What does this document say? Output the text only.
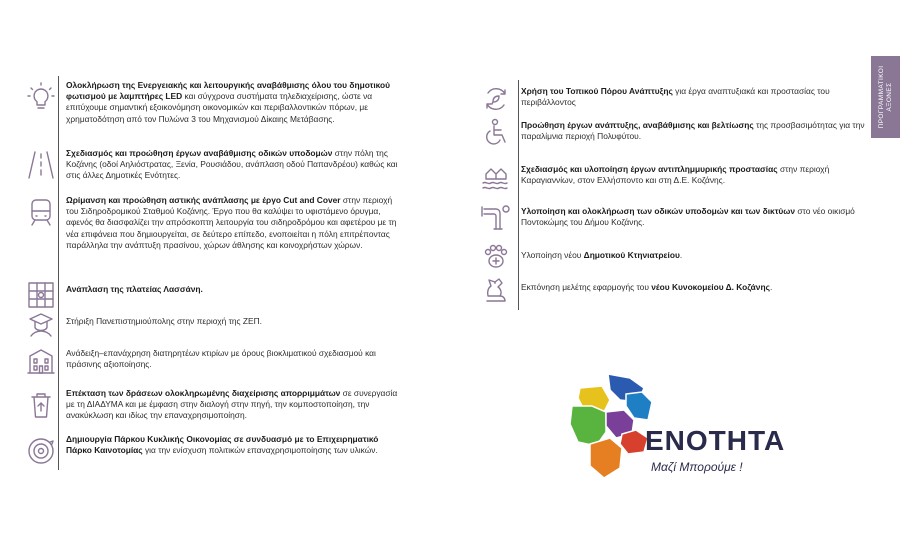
Ολοκλήρωση της Ενεργειακής και λειτουργικής αναβάθμισης όλου του δημοτικού φωτισμού με λαμπτήρες LED και σύγχρονα συστήματα τηλεδιαχείρισης, ώστε να επιτύχουμε σημαντική εξοικονόμηση οικονομικών και περιβαλλοντικών πόρων, με χρηματοδότηση από τον Πυλώνα 3 του Μηχανισμού Δίκαιης Μετάβασης.
Σχεδιασμός και προώθηση έργων αναβάθμισης οδικών υποδομών στην πόλη της Κοζάνης (οδοί Αηλιόστρατας, Ξενία, Ρουσιάδου, ανάπλαση οδού Παπανδρέου) καθώς και στις άλλες Δημοτικές Ενότητες.
Ωρίμανση και προώθηση αστικής ανάπλασης με έργο Cut and Cover στην περιοχή του Σιδηροδρομικού Σταθμού Κοζάνης. Έργο που θα καλύψει το υφιστάμενο όρυγμα, αφενός θα διασφαλίζει την απρόσκοπτη λειτουργία του σιδηροδρόμου και αφετέρου με τη νέα επιφάνεια που δημιουργείται, σε δεύτερο επίπεδο, ενοποιείται η πόλη επιτρέποντας παράλληλα την ανάπτυξη πρασίνου, χώρων άθλησης και κοινοχρήστων χώρων.
Ανάπλαση της πλατείας Λασσάνη.
Στήριξη Πανεπιστημιούπολης στην περιοχή της ΖΕΠ.
Ανάδειξη–επανάχρηση διατηρητέων κτιρίων με όρους βιοκλιματικού σχεδιασμού και πράσινης αξιοποίησης.
Επέκταση των δράσεων ολοκληρωμένης διαχείρισης απορριμμάτων σε συνεργασία με τη ΔΙΑΔΥΜΑ και με έμφαση στην διαλογή στην πηγή, την κομποστοποίηση, την ανακύκλωση και ιδίως την επαναχρησιμοποίηση.
Δημιουργία Πάρκου Κυκλικής Οικονομίας σε συνδυασμό με το Επιχειρηματικό Πάρκο Καινοτομίας για την ενίσχυση πολιτικών επαναχρησιμοποίησης των υλικών.
Χρήση του Τοπικού Πόρου Ανάπτυξης για έργα αναπτυξιακά και προστασίας του περιβάλλοντος
Προώθηση έργων ανάπτυξης, αναβάθμισης και βελτίωσης της προσβασιμότητας για την παραλίμνια περιοχή Πολυφύτου.
Σχεδιασμός και υλοποίηση έργων αντιπλημμυρικής προστασίας στην περιοχή Καραγιαννίων, στον Ελλήσποντο και στη Δ.Ε. Κοζάνης.
Υλοποίηση και ολοκλήρωση των οδικών υποδομών και των δικτύων στο νέο οικισμό Ποντοκώμης του Δήμου Κοζάνης.
Υλοποίηση νέου Δημοτικού Κτηνιατρείου.
Εκπόνηση μελέτης εφαρμογής του νέου Κυνοκομείου Δ. Κοζάνης.
ΠΡΟΓΡΑΜΜΑΤΙΚΟΙ ΑΞΟΝΕΣ
ΕΝΟΤΗΤΑ
Μαζί Μπορούμε !
